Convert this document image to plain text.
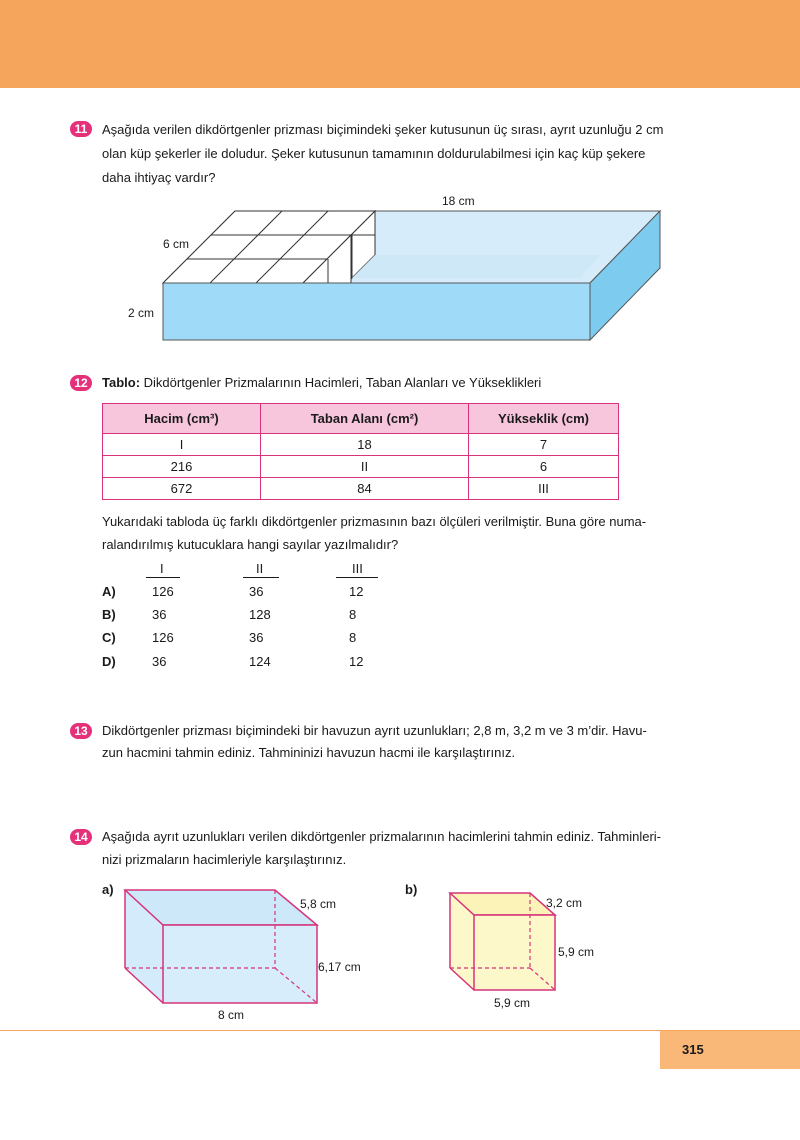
11	Aşağıda verilen dikdörtgenler prizması biçimindeki şeker kutusunun üç sırası, ayrıt uzunluğu 2 cm
olan küp şekerler ile doludur. Şeker kutusunun tamamının doldurulabilmesi için kaç küp şekere
daha ihtiyaç vardır?
18 cm
6 cm
2 cm
12	Tablo: Dikdörtgenler Prizmalarının Hacimleri, Taban Alanları ve Yükseklikleri
Hacim (cm³)	Taban Alanı (cm²)	Yükseklik (cm)
I	18	7
216	II	6
672	84	III
Yukarıdaki tabloda üç farklı dikdörtgenler prizmasının bazı ölçüleri verilmiştir. Buna göre numa-
ralandırılmış kutucuklara hangi sayılar yazılmalıdır?
I	II	III
A)	126	36	12
B)	36	128	8
C)	126	36	8
D)	36	124	12
13	Dikdörtgenler prizması biçimindeki bir havuzun ayrıt uzunlukları; 2,8 m, 3,2 m ve 3 m’dir. Havu-
zun hacmini tahmin ediniz. Tahmininizi havuzun hacmi ile karşılaştırınız.
14	Aşağıda ayrıt uzunlukları verilen dikdörtgenler prizmalarının hacimlerini tahmin ediniz. Tahminleri-
nizi prizmaların hacimleriyle karşılaştırınız.
a)
5,8 cm
6,17 cm
8 cm
b)
3,2 cm
5,9 cm
5,9 cm
315
